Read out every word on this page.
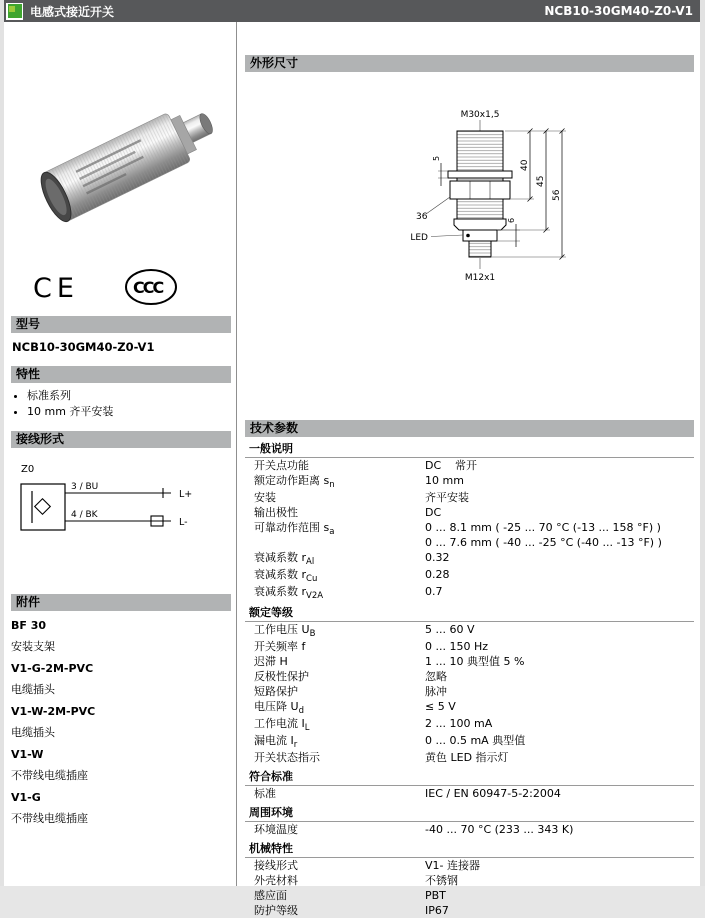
电感式接近开关	NCB10-30GM40-Z0-V1
CE	CCC
型号
NCB10-30GM40-Z0-V1
特性
• 标准系列
• 10 mm 齐平安装
接线形式
Z0
3 / BU
L+
4 / BK
L-
附件
BF 30
安装支架
V1-G-2M-PVC
电缆插头
V1-W-2M-PVC
电缆插头
V1-W
不带线电缆插座
V1-G
不带线电缆插座
外形尺寸
M30x1,5
40
45
56
5
36
LED
6
M12x1
技术参数
一般说明
开关点功能	DC 常开
额定动作距离 $s_n$	10 mm
安装	齐平安装
输出极性	DC
可靠动作范围 $s_a$	0 ... 8.1 mm ( -25 ... 70 °C (-13 ... 158 °F) )
0 ... 7.6 mm ( -40 ... -25 °C (-40 ... -13 °F) )
衰减系数 $r_{Al}$	0.32
衰减系数 $r_{Cu}$	0.28
衰减系数 $r_{V2A}$	0.7
额定等级
工作电压 $U_B$	5 ... 60 V
开关频率 f	0 ... 150 Hz
迟滞 H	1 ... 10 典型值 5 %
反极性保护	忽略
短路保护	脉冲
电压降 $U_d$	≤ 5 V
工作电流 $I_L$	2 ... 100 mA
漏电流 $I_r$	0 ... 0.5 mA 典型值
开关状态指示	黄色 LED 指示灯
符合标准
标准	IEC / EN 60947-5-2:2004
周围环境
环境温度	-40 ... 70 °C (233 ... 343 K)
机械特性
接线形式	V1- 连接器
外壳材料	不锈钢
感应面	PBT
防护等级	IP67
